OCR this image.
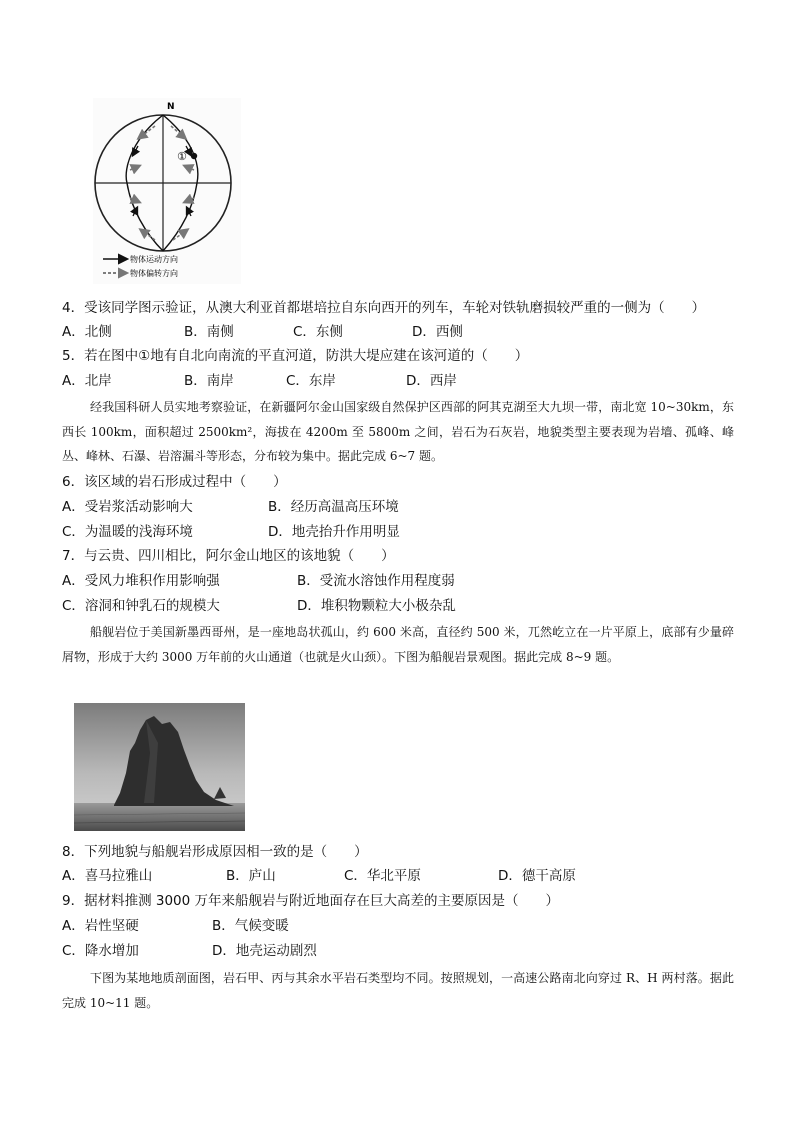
N
①
物体运动方向
物体偏转方向
4．受该同学图示验证，从澳大利亚首都堪培拉自东向西开的列车，车轮对铁轨磨损较严重的一侧为（　　）
A．北侧	B．南侧	C．东侧	D．西侧
5．若在图中①地有自北向南流的平直河道，防洪大堤应建在该河道的（　　）
A．北岸	B．南岸	C．东岸	D．西岸
经我国科研人员实地考察验证，在新疆阿尔金山国家级自然保护区西部的阿其克湖至大九坝一带，南北宽 10~30km，东西长 100km，面积超过 2500km²，海拔在 4200m 至 5800m 之间，岩石为石灰岩，地貌类型主要表现为岩墙、孤峰、峰丛、峰林、石瀑、岩溶漏斗等形态，分布较为集中。据此完成 6~7 题。
6．该区域的岩石形成过程中（　　）
A．受岩浆活动影响大	B．经历高温高压环境
C．为温暖的浅海环境	D．地壳抬升作用明显
7．与云贵、四川相比，阿尔金山地区的该地貌（　　）
A．受风力堆积作用影响强	B．受流水溶蚀作用程度弱
C．溶洞和钟乳石的规模大	D．堆积物颗粒大小极杂乱
船舰岩位于美国新墨西哥州，是一座地岛状孤山，约 600 米高，直径约 500 米，兀然屹立在一片平原上，底部有少量碎屑物，形成于大约 3000 万年前的火山通道（也就是火山颈）。下图为船舰岩景观图。据此完成 8~9 题。
8．下列地貌与船舰岩形成原因相一致的是（　　）
A．喜马拉雅山	B．庐山	C．华北平原	D．德干高原
9．据材料推测 3000 万年来船舰岩与附近地面存在巨大高差的主要原因是（　　）
A．岩性坚硬	B．气候变暖
C．降水增加	D．地壳运动剧烈
下图为某地地质剖面图，岩石甲、丙与其余水平岩石类型均不同。按照规划，一高速公路南北向穿过 R、H 两村落。据此完成 10~11 题。
